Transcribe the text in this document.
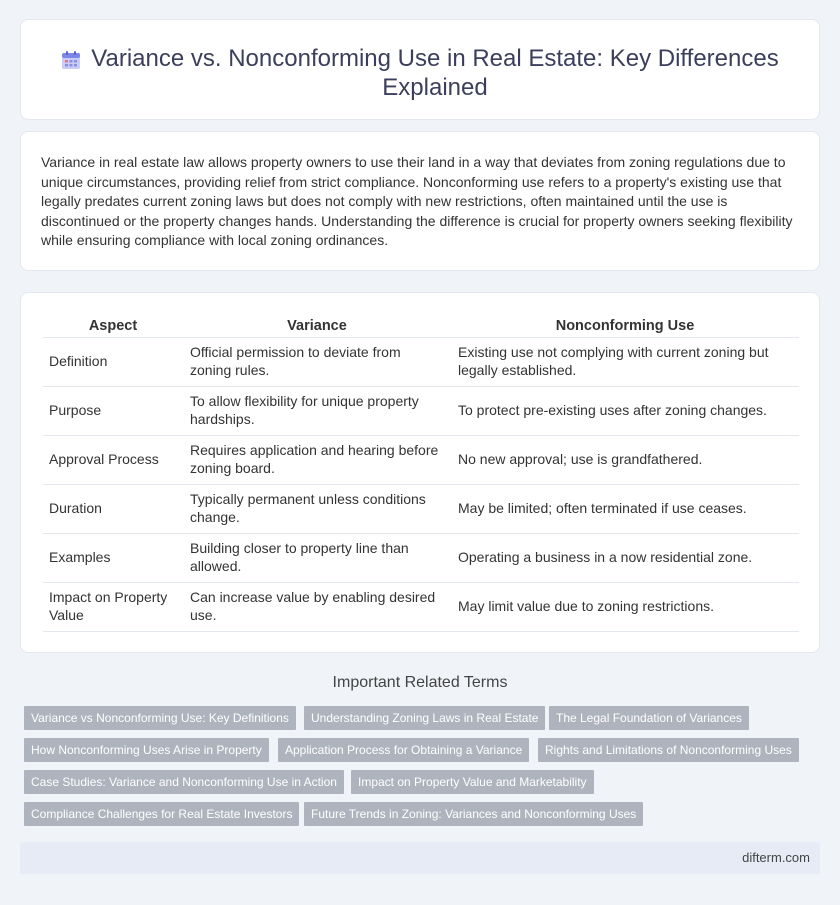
Variance vs. Nonconforming Use in Real Estate: Key Differences Explained

Variance in real estate law allows property owners to use their land in a way that deviates from zoning regulations due to unique circumstances, providing relief from strict compliance. Nonconforming use refers to a property's existing use that legally predates current zoning laws but does not comply with new restrictions, often maintained until the use is discontinued or the property changes hands. Understanding the difference is crucial for property owners seeking flexibility while ensuring compliance with local zoning ordinances.

Aspect	Variance	Nonconforming Use
Definition	Official permission to deviate from zoning rules.	Existing use not complying with current zoning but legally established.
Purpose	To allow flexibility for unique property hardships.	To protect pre-existing uses after zoning changes.
Approval Process	Requires application and hearing before zoning board.	No new approval; use is grandfathered.
Duration	Typically permanent unless conditions change.	May be limited; often terminated if use ceases.
Examples	Building closer to property line than allowed.	Operating a business in a now residential zone.
Impact on Property Value	Can increase value by enabling desired use.	May limit value due to zoning restrictions.
Important Related Terms
Variance vs Nonconforming Use: Key Definitions	Understanding Zoning Laws in Real Estate	The Legal Foundation of Variances
How Nonconforming Uses Arise in Property	Application Process for Obtaining a Variance	Rights and Limitations of Nonconforming Uses
Case Studies: Variance and Nonconforming Use in Action	Impact on Property Value and Marketability
Compliance Challenges for Real Estate Investors	Future Trends in Zoning: Variances and Nonconforming Uses
difterm.com
